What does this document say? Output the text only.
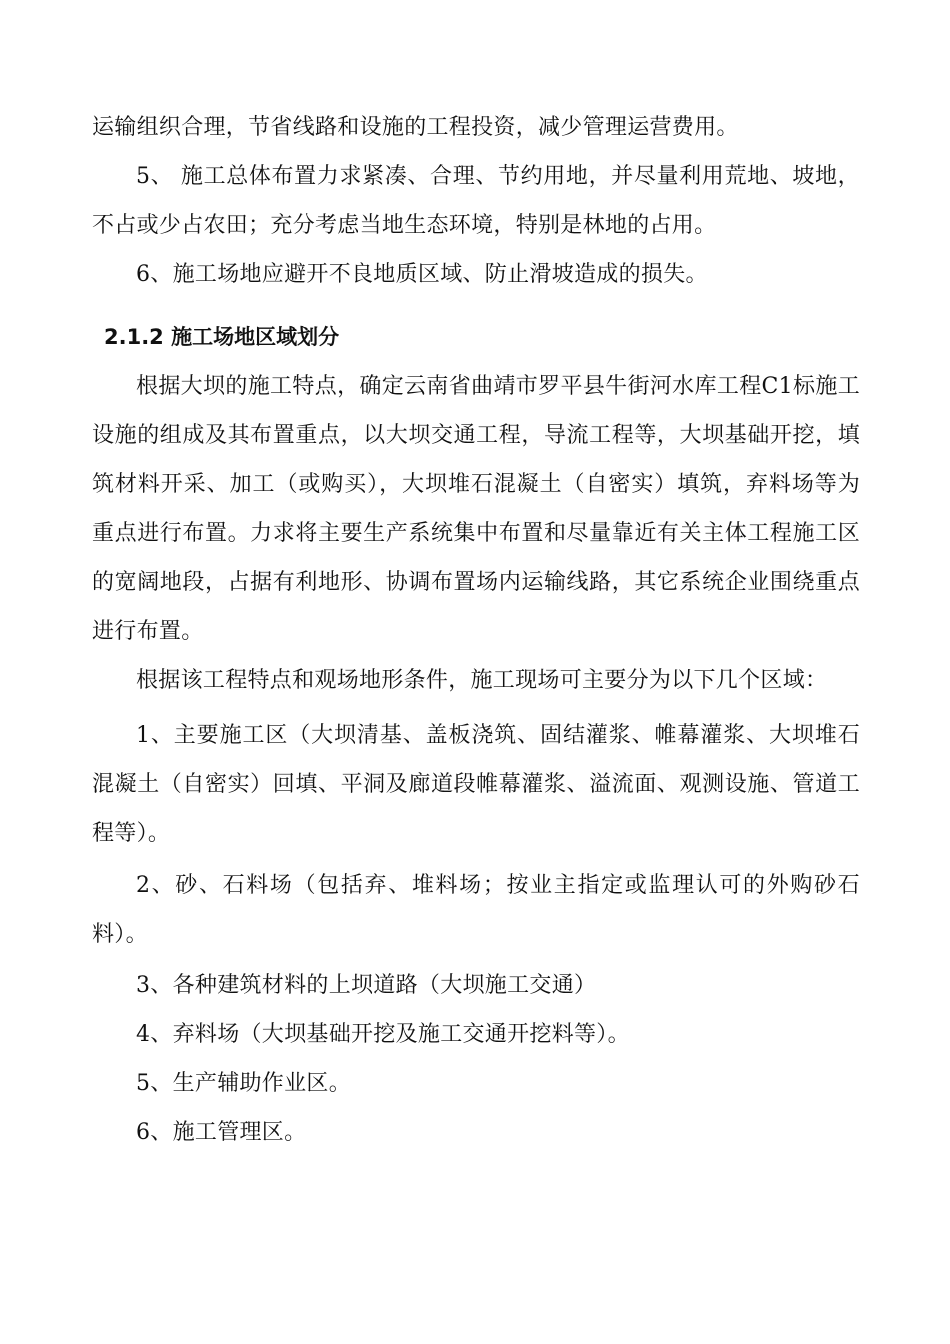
运输组织合理，节省线路和设施的工程投资，减少管理运营费用。

5、 施工总体布置力求紧凑、合理、节约用地，并尽量利用荒地、坡地，不占或少占农田；充分考虑当地生态环境，特别是林地的占用。

6、施工场地应避开不良地质区域、防止滑坡造成的损失。

2.1.2 施工场地区域划分

根据大坝的施工特点，确定云南省曲靖市罗平县牛街河水库工程C1标施工设施的组成及其布置重点，以大坝交通工程，导流工程等，大坝基础开挖，填筑材料开采、加工（或购买），大坝堆石混凝土（自密实）填筑，弃料场等为重点进行布置。力求将主要生产系统集中布置和尽量靠近有关主体工程施工区的宽阔地段，占据有利地形、协调布置场内运输线路，其它系统企业围绕重点进行布置。

根据该工程特点和观场地形条件，施工现场可主要分为以下几个区域：

1、主要施工区（大坝清基、盖板浇筑、固结灌浆、帷幕灌浆、大坝堆石混凝土（自密实）回填、平洞及廊道段帷幕灌浆、溢流面、观测设施、管道工程等）。

2、砂、石料场（包括弃、堆料场；按业主指定或监理认可的外购砂石料）。

3、各种建筑材料的上坝道路（大坝施工交通）

4、弃料场（大坝基础开挖及施工交通开挖料等）。

5、生产辅助作业区。

6、施工管理区。
